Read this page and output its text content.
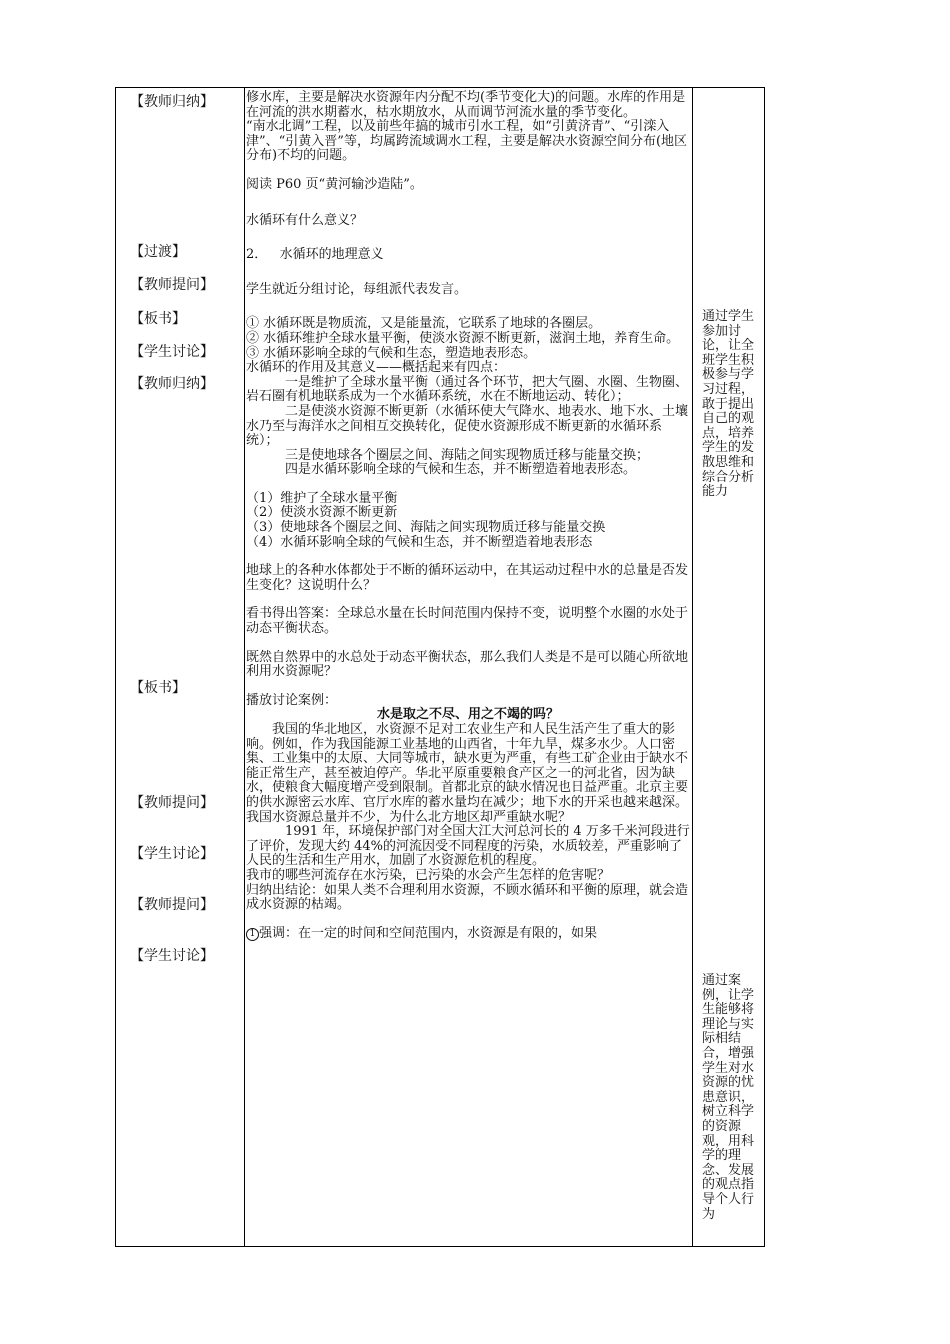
【教师归纳】
【过渡】
【教师提问】
【板书】
【学生讨论】
【教师归纳】
【板书】
【教师提问】
【学生讨论】
【教师提问】
【学生讨论】

修水库，主要是解决水资源年内分配不均(季节变化大)的问题。水库的作用是在河流的洪水期蓄水，枯水期放水，从而调节河流水量的季节变化。

“南水北调”工程，以及前些年搞的城市引水工程，如“引黄济青”、“引滦入津”、“引黄入晋”等，均属跨流域调水工程，主要是解决水资源空间分布(地区分布)不均的问题。

阅读 P60 页“黄河输沙造陆”。

水循环有什么意义？

2．   水循环的地理意义

学生就近分组讨论，每组派代表发言。

① 水循环既是物质流，又是能量流，它联系了地球的各圈层。

② 水循环维护全球水量平衡，使淡水资源不断更新，滋润土地，养育生命。

③ 水循环影响全球的气候和生态，塑造地表形态。

水循环的作用及其意义——概括起来有四点：

一是维护了全球水量平衡（通过各个环节，把大气圈、水圈、生物圈、岩石圈有机地联系成为一个水循环系统，水在不断地运动、转化）；

二是使淡水资源不断更新（水循环使大气降水、地表水、地下水、土壤水乃至与海洋水之间相互交换转化，促使水资源形成不断更新的水循环系统）；

三是使地球各个圈层之间、海陆之间实现物质迁移与能量交换；

四是水循环影响全球的气候和生态，并不断塑造着地表形态。

（1）维护了全球水量平衡

（2）使淡水资源不断更新

（3）使地球各个圈层之间、海陆之间实现物质迁移与能量交换

（4）水循环影响全球的气候和生态，并不断塑造着地表形态

地球上的各种水体都处于不断的循环运动中，在其运动过程中水的总量是否发生变化？这说明什么？

看书得出答案：全球总水量在长时间范围内保持不变，说明整个水圈的水处于动态平衡状态。

既然自然界中的水总处于动态平衡状态，那么我们人类是不是可以随心所欲地利用水资源呢？

播放讨论案例：

水是取之不尽、用之不竭的吗？

我国的华北地区，水资源不足对工农业生产和人民生活产生了重大的影响。例如，作为我国能源工业基地的山西省，十年九旱，煤多水少。人口密集、工业集中的太原、大同等城市，缺水更为严重，有些工矿企业由于缺水不能正常生产，甚至被迫停产。华北平原重要粮食产区之一的河北省，因为缺水，使粮食大幅度增产受到限制。首都北京的缺水情况也日益严重。北京主要的供水源密云水库、官厅水库的蓄水量均在减少；地下水的开采也越来越深。 我国水资源总量并不少，为什么北方地区却严重缺水呢？

1991 年，环境保护部门对全国大江大河总河长的 4 万多千米河段进行了评价，发现大约 44%的河流因受不同程度的污染，水质较差，严重影响了人民的生活和生产用水，加剧了水资源危机的程度。

我市的哪些河流存在水污染，已污染的水会产生怎样的危害呢？

归纳出结论：如果人类不合理利用水资源，不顾水循环和平衡的原理，就会造成水资源的枯竭。

1 强调：在一定的时间和空间范围内，水资源是有限的，如果

通过学生参加讨论，让全班学生积极参与学习过程，敢于提出自己的观点，培养学生的发散思维和综合分析能力
通过案例，让学生能够将理论与实际相结合，增强学生对水资源的忧患意识，树立科学的资源观，用科学的理念、发展的观点指导个人行为
